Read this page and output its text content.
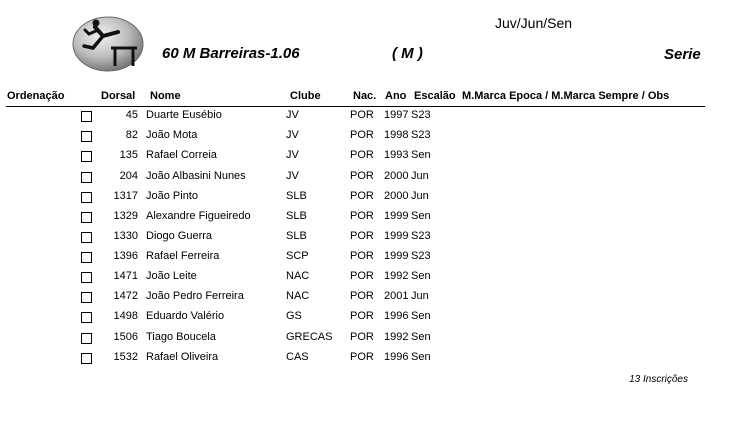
Juv/Jun/Sen
60 M Barreiras-1.06	( M )	Serie
Ordenação	Dorsal Nome	Clube	Nac. Ano Escalão M.Marca Epoca / M.Marca Sempre / Obs
45 Duarte Eusébio	JV	POR 1997 S23
82 João Mota	JV	POR 1998 S23
135 Rafael Correia	JV	POR 1993 Sen
204 João Albasini Nunes	JV	POR 2000 Jun
1317 João Pinto	SLB	POR 2000 Jun
1329 Alexandre Figueiredo	SLB	POR 1999 Sen
1330 Diogo Guerra	SLB	POR 1999 S23
1396 Rafael Ferreira	SCP	POR 1999 S23
1471 João Leite	NAC	POR 1992 Sen
1472 João Pedro Ferreira	NAC	POR 2001 Jun
1498 Eduardo Valério	GS	POR 1996 Sen
1506 Tiago Boucela	GRECAS POR 1992 Sen
1532 Rafael Oliveira	CAS	POR 1996 Sen
13 Inscrições
